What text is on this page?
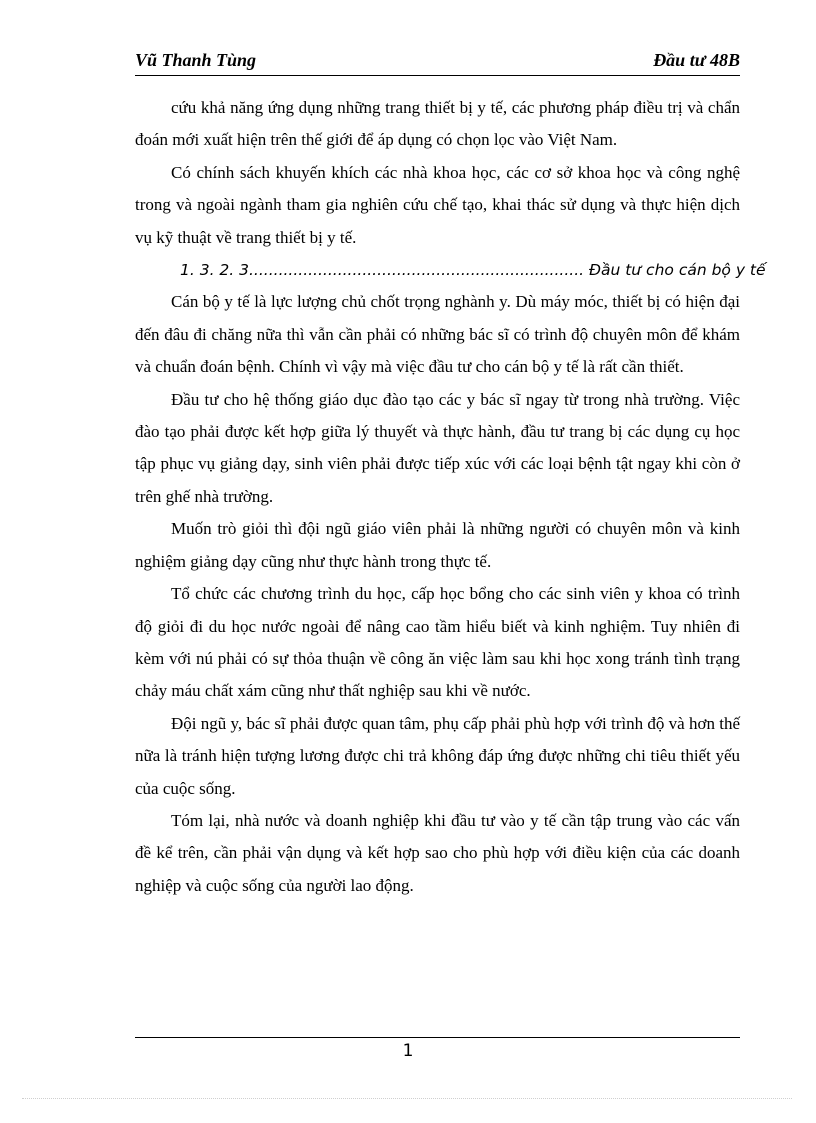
Vũ Thanh Tùng	Đầu tư 48B

cứu khả năng ứng dụng những trang thiết bị y tế, các phương pháp điều trị và chẩn đoán mới xuất hiện trên thế giới để áp dụng có chọn lọc vào Việt Nam.

Có chính sách khuyến khích các nhà khoa học, các cơ sở khoa học và công nghệ trong và ngoài ngành tham gia nghiên cứu chế tạo, khai thác sử dụng và thực hiện dịch vụ kỹ thuật về trang thiết bị y tế.

1. 3. 2. 3.................................................................... Đầu tư cho cán bộ y tế

Cán bộ y tế là lực lượng chủ chốt trọng nghành y. Dù máy móc, thiết bị có hiện đại đến đâu đi chăng nữa thì vẫn cần phải có những bác sĩ có trình độ chuyên môn để khám và chuẩn đoán bệnh. Chính vì vậy mà việc đầu tư cho cán bộ y tế là rất cần thiết.

Đầu tư cho hệ thống giáo dục đào tạo các y bác sĩ ngay từ trong nhà trường. Việc đào tạo phải được kết hợp giữa lý thuyết và thực hành, đầu tư trang bị các dụng cụ học tập phục vụ giảng dạy, sinh viên phải được tiếp xúc với các loại bệnh tật ngay khi còn ở trên ghế nhà trường.

Muốn trò giỏi thì đội ngũ giáo viên phải là những người có chuyên môn và kinh nghiệm giảng dạy cũng như thực hành trong thực tế.

Tổ chức các chương trình du học, cấp học bổng cho các sinh viên y khoa có trình độ giỏi đi du học nước ngoài để nâng cao tầm hiểu biết và kinh nghiệm. Tuy nhiên đi kèm với nú phải có sự thỏa thuận về công ăn việc làm sau khi học xong tránh tình trạng chảy máu chất xám cũng như thất nghiệp sau khi về nước.

Đội ngũ y, bác sĩ phải được quan tâm, phụ cấp phải phù hợp với trình độ và hơn thế nữa là tránh hiện tượng lương được chi trả không đáp ứng được những chi tiêu thiết yếu của cuộc sống.

Tóm lại, nhà nước và doanh nghiệp khi đầu tư vào y tế cần tập trung vào các vấn đề kể trên, cần phải vận dụng và kết hợp sao cho phù hợp với điều kiện của các doanh nghiệp và cuộc sống của người lao động.

1
